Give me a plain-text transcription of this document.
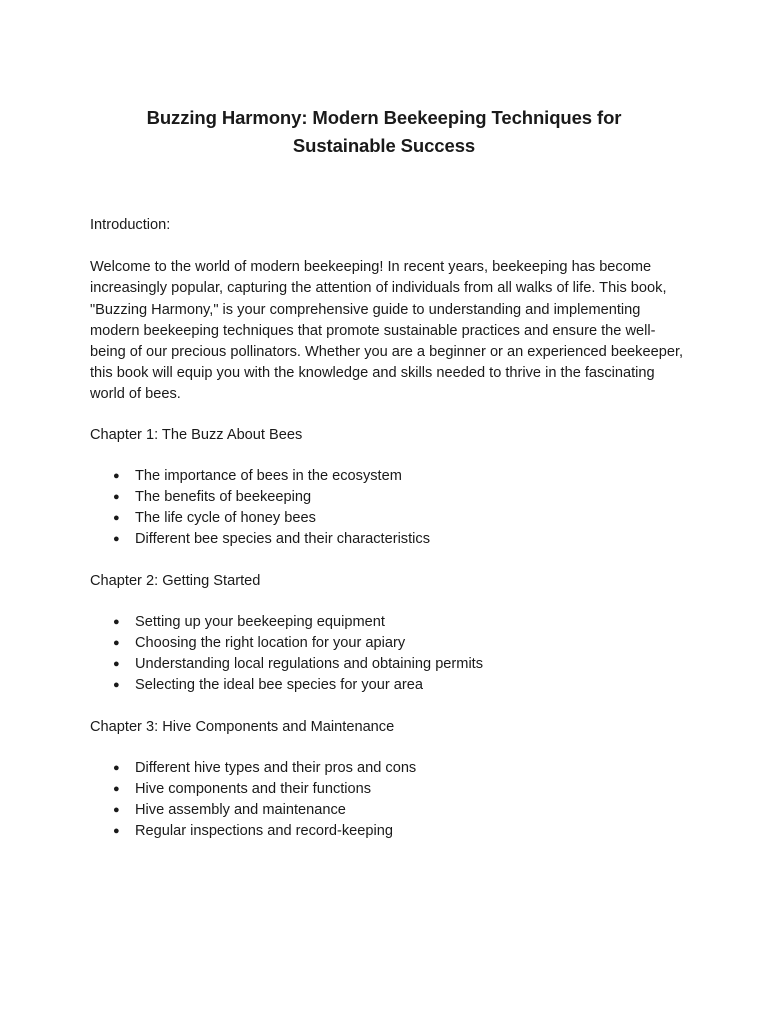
Buzzing Harmony: Modern Beekeeping Techniques for
Sustainable Success

Introduction:

Welcome to the world of modern beekeeping! In recent years, beekeeping has become increasingly popular, capturing the attention of individuals from all walks of life. This book, "Buzzing Harmony," is your comprehensive guide to understanding and implementing modern beekeeping techniques that promote sustainable practices and ensure the well-being of our precious pollinators. Whether you are a beginner or an experienced beekeeper, this book will equip you with the knowledge and skills needed to thrive in the fascinating world of bees.

Chapter 1: The Buzz About Bees

● The importance of bees in the ecosystem
● The benefits of beekeeping
● The life cycle of honey bees
● Different bee species and their characteristics

Chapter 2: Getting Started

● Setting up your beekeeping equipment
● Choosing the right location for your apiary
● Understanding local regulations and obtaining permits
● Selecting the ideal bee species for your area

Chapter 3: Hive Components and Maintenance

● Different hive types and their pros and cons
● Hive components and their functions
● Hive assembly and maintenance
● Regular inspections and record-keeping
